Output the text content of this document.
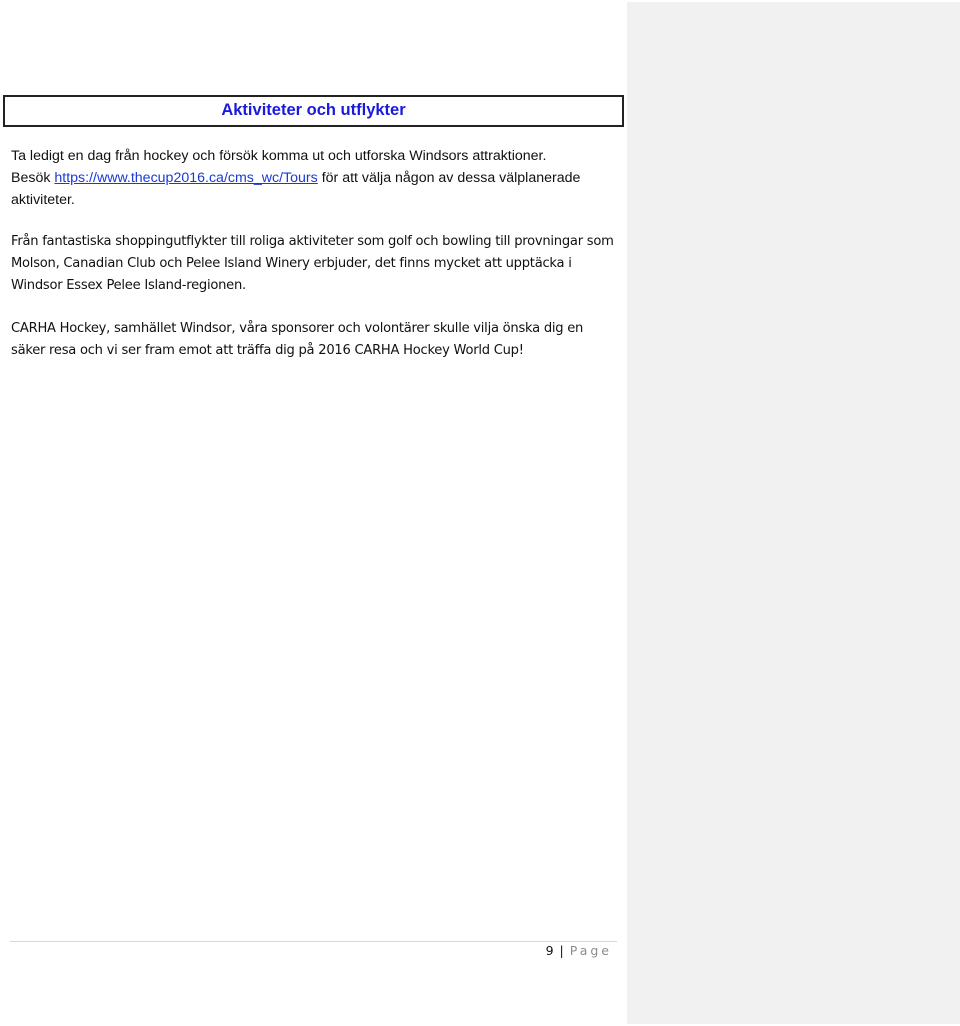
Aktiviteter och utflykter
Ta ledigt en dag från hockey och försök komma ut och utforska Windsors attraktioner.
Besök https://www.thecup2016.ca/cms_wc/Tours för att välja någon av dessa välplanerade aktiviteter.
Från fantastiska shoppingutflykter till roliga aktiviteter som golf och bowling till provningar som Molson, Canadian Club och Pelee Island Winery erbjuder, det finns mycket att upptäcka i Windsor Essex Pelee Island-regionen.
CARHA Hockey, samhället Windsor, våra sponsorer och volontärer skulle vilja önska dig en säker resa och vi ser fram emot att träffa dig på 2016 CARHA Hockey World Cup!
9 | Page
